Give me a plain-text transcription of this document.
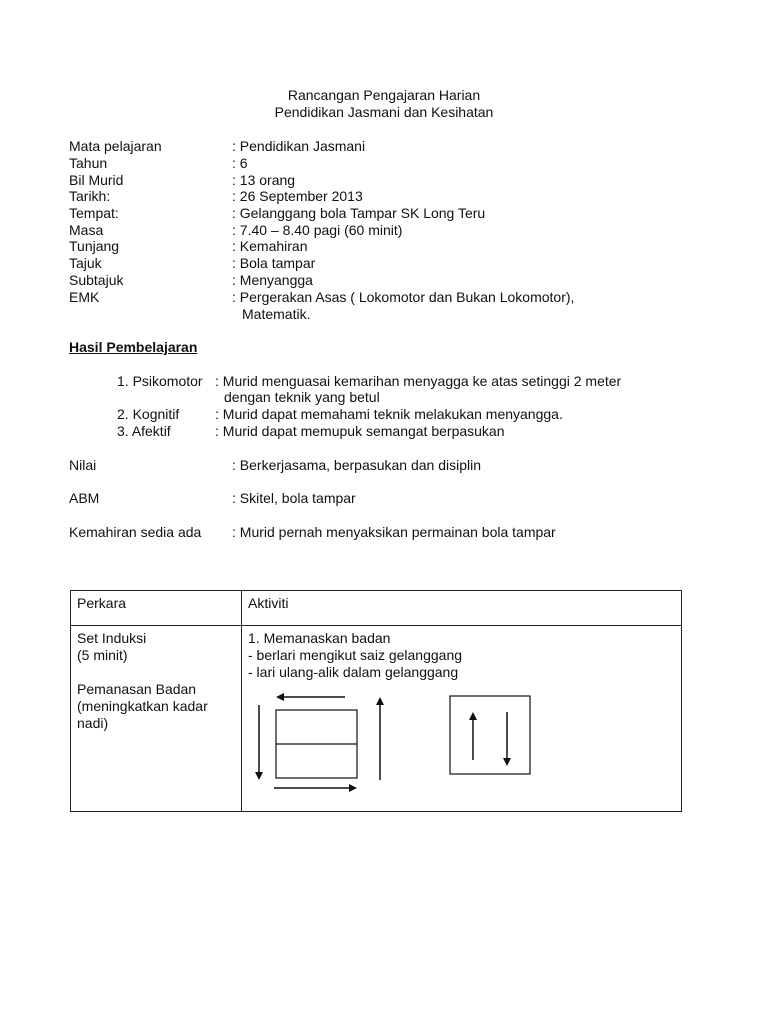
Rancangan Pengajaran Harian
Pendidikan Jasmani dan Kesihatan
Mata pelajaran	: Pendidikan Jasmani
Tahun	: 6
Bil Murid	: 13 orang
Tarikh:	: 26 September 2013
Tempat:	: Gelanggang bola Tampar SK Long Teru
Masa	: 7.40 – 8.40 pagi (60 minit)
Tunjang	: Kemahiran
Tajuk	: Bola tampar
Subtajuk	: Menyangga
EMK	: Pergerakan Asas ( Lokomotor dan Bukan Lokomotor),
Matematik.
Hasil Pembelajaran
1. Psikomotor : Murid menguasai kemarihan menyagga ke atas setinggi 2 meter
dengan teknik yang betul
2. Kognitif	: Murid dapat memahami teknik melakukan menyangga.
3. Afektif	: Murid dapat memupuk semangat berpasukan
Nilai	: Berkerjasama, berpasukan dan disiplin
ABM	: Skitel, bola tampar
Kemahiran sedia ada : Murid pernah menyaksikan permainan bola tampar
Perkara	Aktiviti

Set Induksi
(5 minit)
Pemanasan Badan
(meningkatkan kadar
nadi)	1. Memanaskan badan
- berlari mengikut saiz gelanggang
- lari ulang-alik dalam gelanggang
